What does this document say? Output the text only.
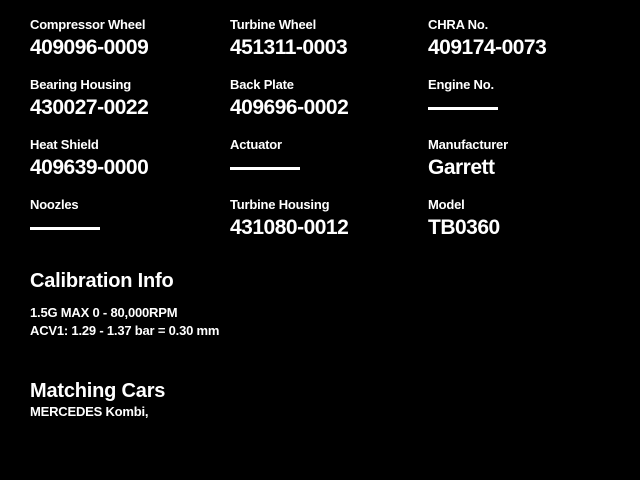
Compressor Wheel
409096-0009
Turbine Wheel
451311-0003
CHRA No.
409174-0073
Bearing Housing
430027-0022
Back Plate
409696-0002
Engine No.
Heat Shield
409639-0000
Actuator	Manufacturer
Garrett
Noozles	Turbine Housing
431080-0012
Model
TB0360
Calibration Info
1.5G MAX 0 - 80,000RPM
ACV1: 1.29 - 1.37 bar = 0.30 mm
Matching Cars
MERCEDES Kombi,
